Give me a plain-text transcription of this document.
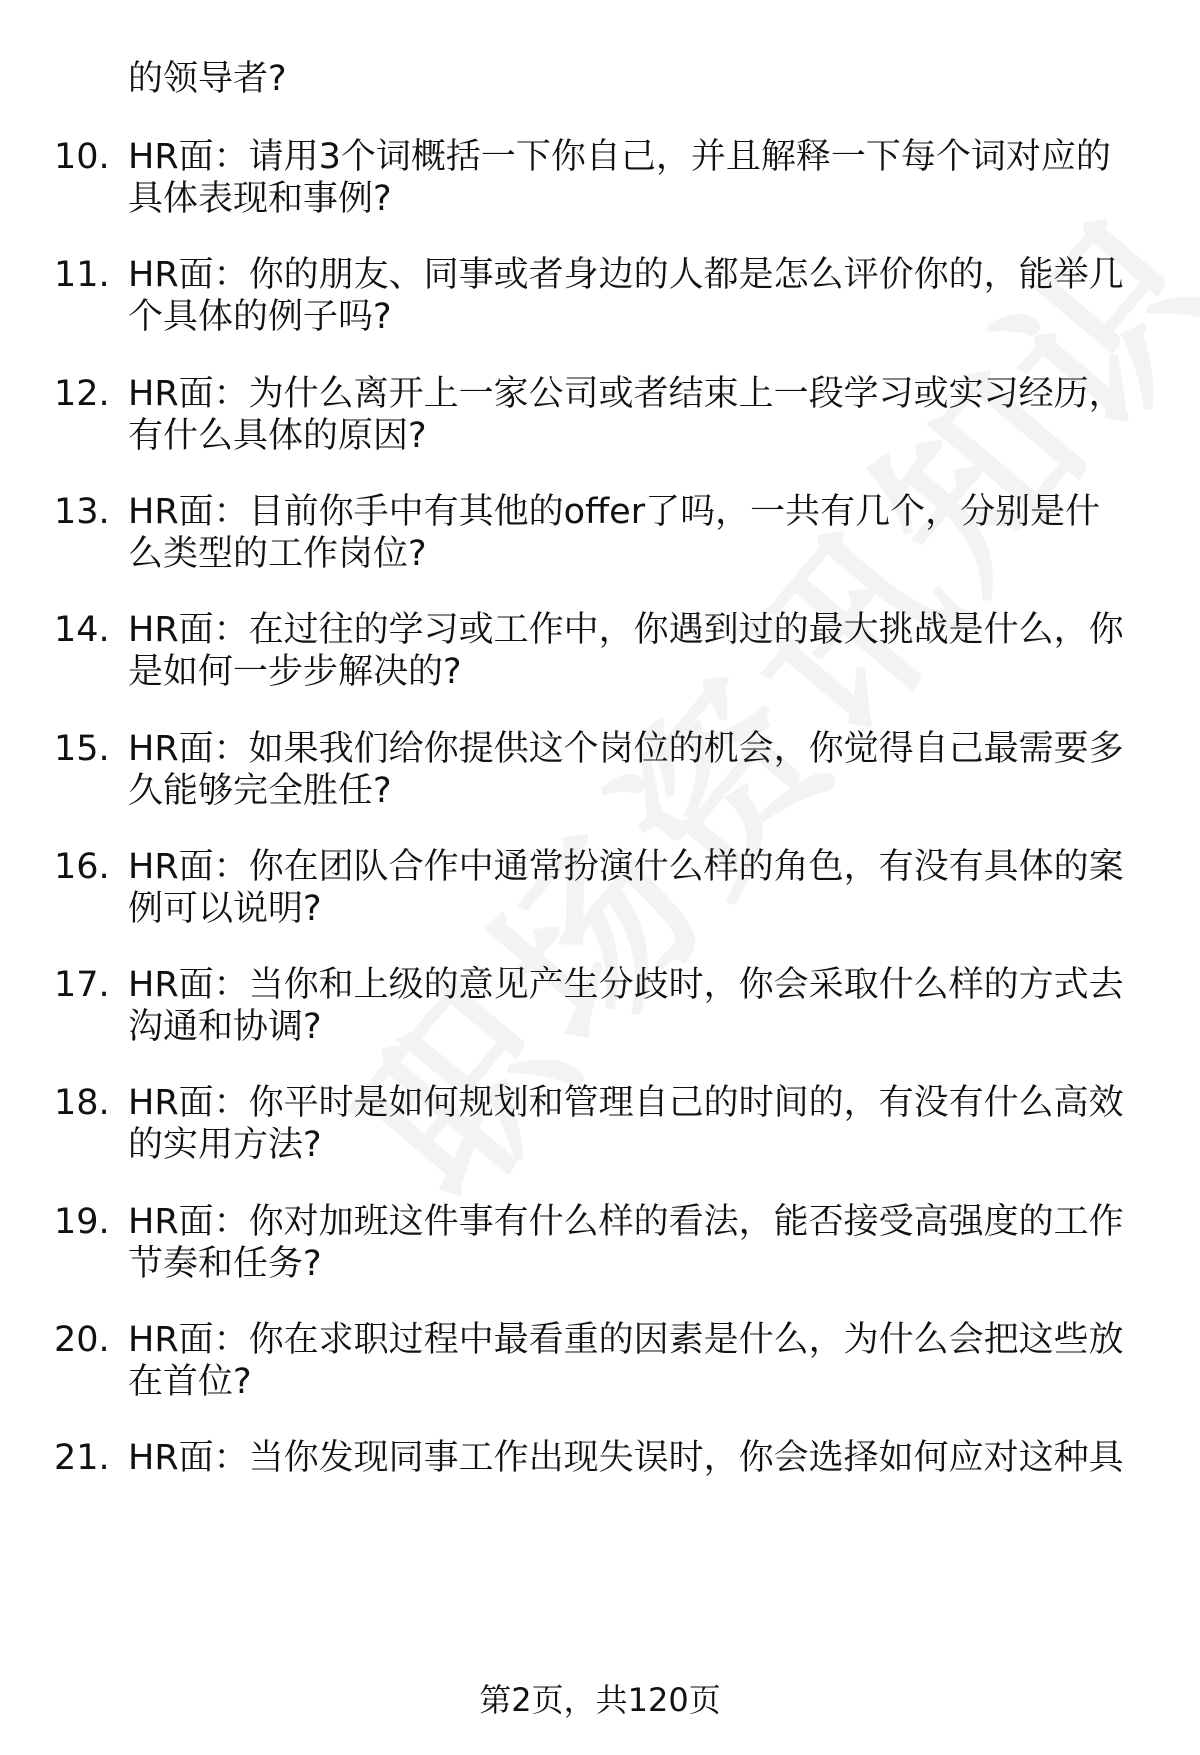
的领导者?

10. HR面：请用3个词概括一下你自己，并且解释一下每个词对应的
具体表现和事例?
11. HR面：你的朋友、同事或者身边的人都是怎么评价你的，能举几
个具体的例子吗?
12. HR面：为什么离开上一家公司或者结束上一段学习或实习经历，
有什么具体的原因?
13. HR面：目前你手中有其他的offer了吗，一共有几个，分别是什
么类型的工作岗位?
14. HR面：在过往的学习或工作中，你遇到过的最大挑战是什么，你
是如何一步步解决的?
15. HR面：如果我们给你提供这个岗位的机会，你觉得自己最需要多
久能够完全胜任?
16. HR面：你在团队合作中通常扮演什么样的角色，有没有具体的案
例可以说明?
17. HR面：当你和上级的意见产生分歧时，你会采取什么样的方式去
沟通和协调?
18. HR面：你平时是如何规划和管理自己的时间的，有没有什么高效
的实用方法?
19. HR面：你对加班这件事有什么样的看法，能否接受高强度的工作
节奏和任务?
20. HR面：你在求职过程中最看重的因素是什么，为什么会把这些放
在首位?
21. HR面：当你发现同事工作出现失误时，你会选择如何应对这种具

第2页，共120页
